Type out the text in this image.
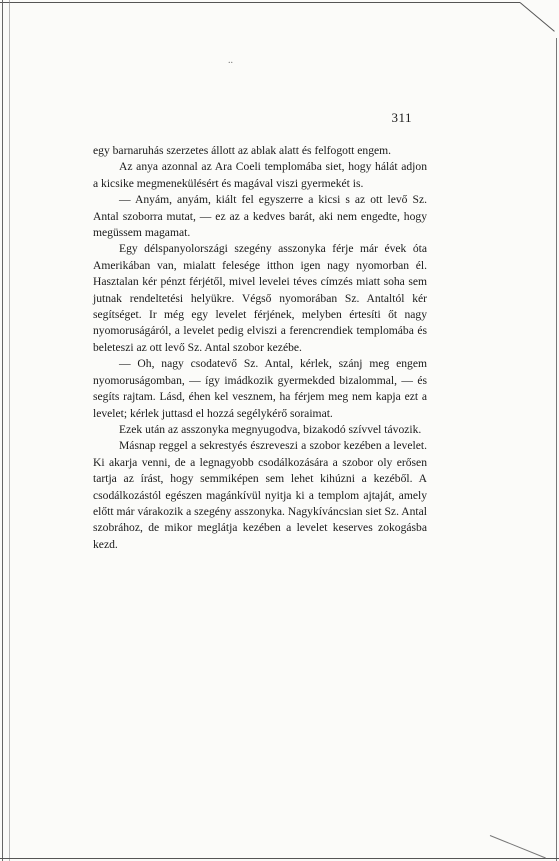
..
311

egy barnaruhás szerzetes állott az ablak alatt és felfogott engem.

Az anya azonnal az Ara Coeli templomába siet, hogy hálát adjon a kicsike megmenekülésért és magával viszi gyermekét is.

— Anyám, anyám, kiált fel egyszerre a kicsi s az ott levő Sz. Antal szoborra mutat, — ez az a kedves barát, aki nem engedte, hogy megüssem magamat.

Egy délspanyolországi szegény asszonyka férje már évek óta Amerikában van, mialatt felesége itthon igen nagy nyomorban él. Hasztalan kér pénzt férjétől, mivel levelei téves címzés miatt soha sem jutnak rendeltetési helyükre. Végső nyomorában Sz. Antaltól kér segítséget. Ir még egy levelet férjének, melyben értesíti őt nagy nyomoruságáról, a levelet pedig elviszi a ferencrendiek templomába és beleteszi az ott levő Sz. Antal szobor kezébe.

— Oh, nagy csodatevő Sz. Antal, kérlek, szánj meg engem nyomoruságomban, — így imádkozik gyermekded bizalommal, — és segíts rajtam. Lásd, éhen kel vesznem, ha férjem meg nem kapja ezt a levelet; kérlek juttasd el hozzá segélykérő soraimat.

Ezek után az asszonyka megnyugodva, bizakodó szívvel távozik.

Másnap reggel a sekrestyés észreveszi a szobor kezében a levelet. Ki akarja venni, de a legnagyobb csodálkozására a szobor oly erősen tartja az írást, hogy semmiképen sem lehet kihúzni a kezéből. A csodálkozástól egészen magánkívül nyitja ki a templom ajtaját, amely előtt már várakozik a szegény asszonyka. Nagykíváncsian siet Sz. Antal szobrához, de mikor meglátja kezében a levelet keserves zokogásba kezd.
